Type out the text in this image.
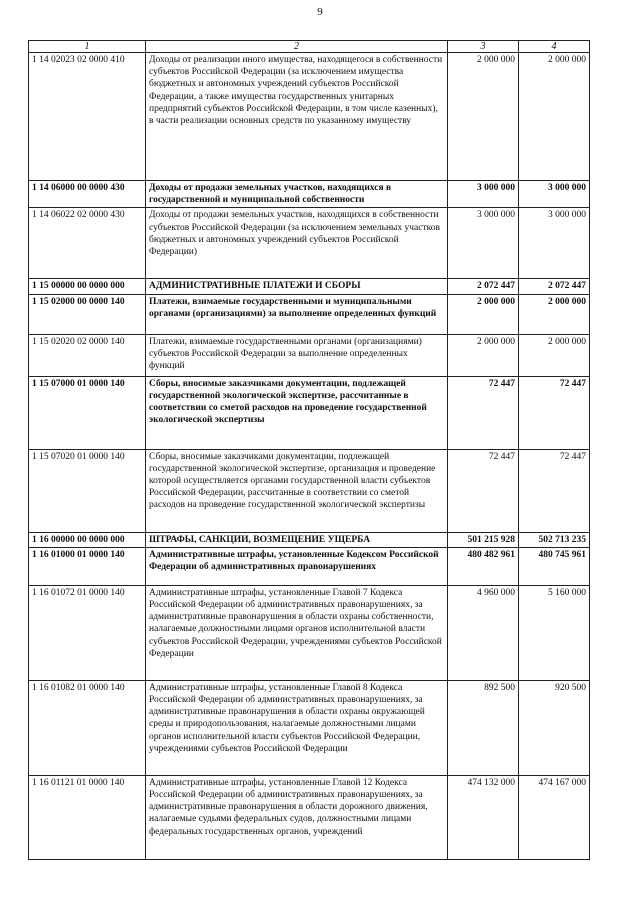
9
1	2	3	4
1 14 02023 02 0000 410	Доходы от реализации иного имущества, находящегося в собственности субъектов Российской Федерации (за исключением имущества бюджетных и автономных учреждений субъектов Российской Федерации, а также имущества государственных унитарных предприятий субъектов Российской Федерации, в том числе казенных), в части реализации основных средств по указанному имуществу	2 000 000	2 000 000
1 14 06000 00 0000 430	Доходы от продажи земельных участков, находящихся в государственной и муниципальной собственности	3 000 000	3 000 000
1 14 06022 02 0000 430	Доходы от продажи земельных участков, находящихся в собственности субъектов Российской Федерации (за исключением земельных участков бюджетных и автономных учреждений субъектов Российской Федерации)	3 000 000	3 000 000
1 15 00000 00 0000 000	АДМИНИСТРАТИВНЫЕ ПЛАТЕЖИ И СБОРЫ	2 072 447	2 072 447
1 15 02000 00 0000 140	Платежи, взимаемые государственными и муниципальными органами (организациями) за выполнение определенных функций	2 000 000	2 000 000
1 15 02020 02 0000 140	Платежи, взимаемые государственными органами (организациями) субъектов Российской Федерации за выполнение определенных функций	2 000 000	2 000 000
1 15 07000 01 0000 140	Сборы, вносимые заказчиками документации, подлежащей государственной экологической экспертизе, рассчитанные в соответствии со сметой расходов на проведение государственной экологической экспертизы	72 447	72 447
1 15 07020 01 0000 140	Сборы, вносимые заказчиками документации, подлежащей государственной экологической экспертизе, организация и проведение которой осуществляется органами государственной власти субъектов Российской Федерации, рассчитанные в соответствии со сметой расходов на проведение государственной экологической экспертизы	72 447	72 447
1 16 00000 00 0000 000	ШТРАФЫ, САНКЦИИ, ВОЗМЕЩЕНИЕ УЩЕРБА	501 215 928	502 713 235
1 16 01000 01 0000 140	Административные штрафы, установленные Кодексом Российской Федерации об административных правонарушениях	480 482 961	480 745 961
1 16 01072 01 0000 140	Административные штрафы, установленные Главой 7 Кодекса Российской Федерации об административных правонарушениях, за административные правонарушения в области охраны собственности, налагаемые должностными лицами органов исполнительной власти субъектов Российской Федерации, учреждениями субъектов Российской Федерации	4 960 000	5 160 000
1 16 01082 01 0000 140	Административные штрафы, установленные Главой 8 Кодекса Российской Федерации об административных правонарушениях, за административные правонарушения в области охраны окружающей среды и природопользования, налагаемые должностными лицами органов исполнительной власти субъектов Российской Федерации, учреждениями субъектов Российской Федерации	892 500	920 500
1 16 01121 01 0000 140	Административные штрафы, установленные Главой 12 Кодекса Российской Федерации об административных правонарушениях, за административные правонарушения в области дорожного движения, налагаемые судьями федеральных судов, должностными лицами федеральных государственных органов, учреждений	474 132 000	474 167 000
